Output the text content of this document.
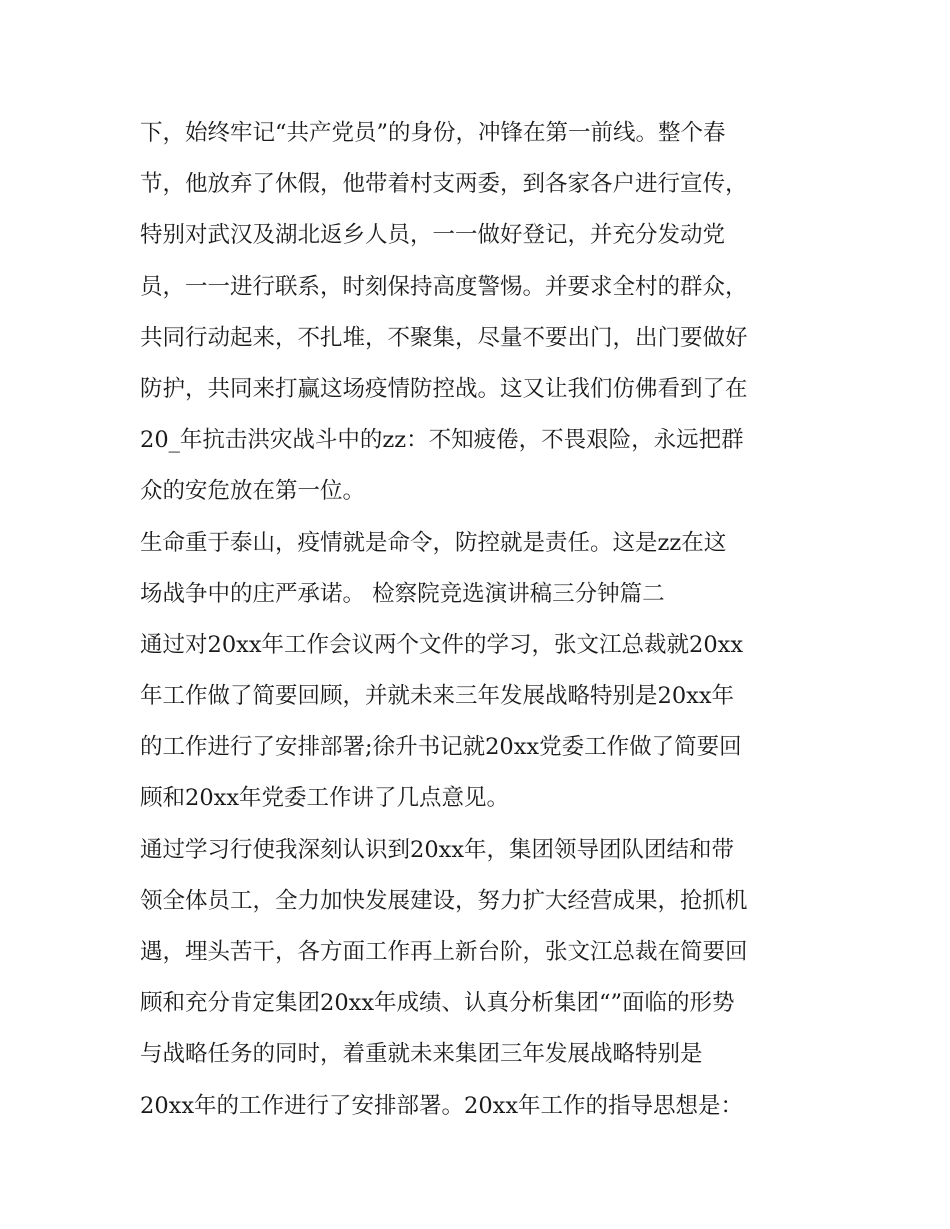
下，始终牢记“共产党员”的身份，冲锋在第一前线。整个春
节，他放弃了休假，他带着村支两委，到各家各户进行宣传，
特别对武汉及湖北返乡人员，一一做好登记，并充分发动党
员，一一进行联系，时刻保持高度警惕。并要求全村的群众，
共同行动起来，不扎堆，不聚集，尽量不要出门，出门要做好
防护，共同来打赢这场疫情防控战。这又让我们仿佛看到了在
20_年抗击洪灾战斗中的zz：不知疲倦，不畏艰险，永远把群
众的安危放在第一位。
生命重于泰山，疫情就是命令，防控就是责任。这是zz在这
场战争中的庄严承诺。 检察院竞选演讲稿三分钟篇二
通过对20xx年工作会议两个文件的学习，张文江总裁就20xx
年工作做了简要回顾，并就未来三年发展战略特别是20xx年
的工作进行了安排部署;徐升书记就20xx党委工作做了简要回
顾和20xx年党委工作讲了几点意见。
通过学习行使我深刻认识到20xx年，集团领导团队团结和带
领全体员工，全力加快发展建设，努力扩大经营成果，抢抓机
遇，埋头苦干，各方面工作再上新台阶，张文江总裁在简要回
顾和充分肯定集团20xx年成绩、认真分析集团“”面临的形势
与战略任务的同时，着重就未来集团三年发展战略特别是
20xx年的工作进行了安排部署。20xx年工作的指导思想是：
